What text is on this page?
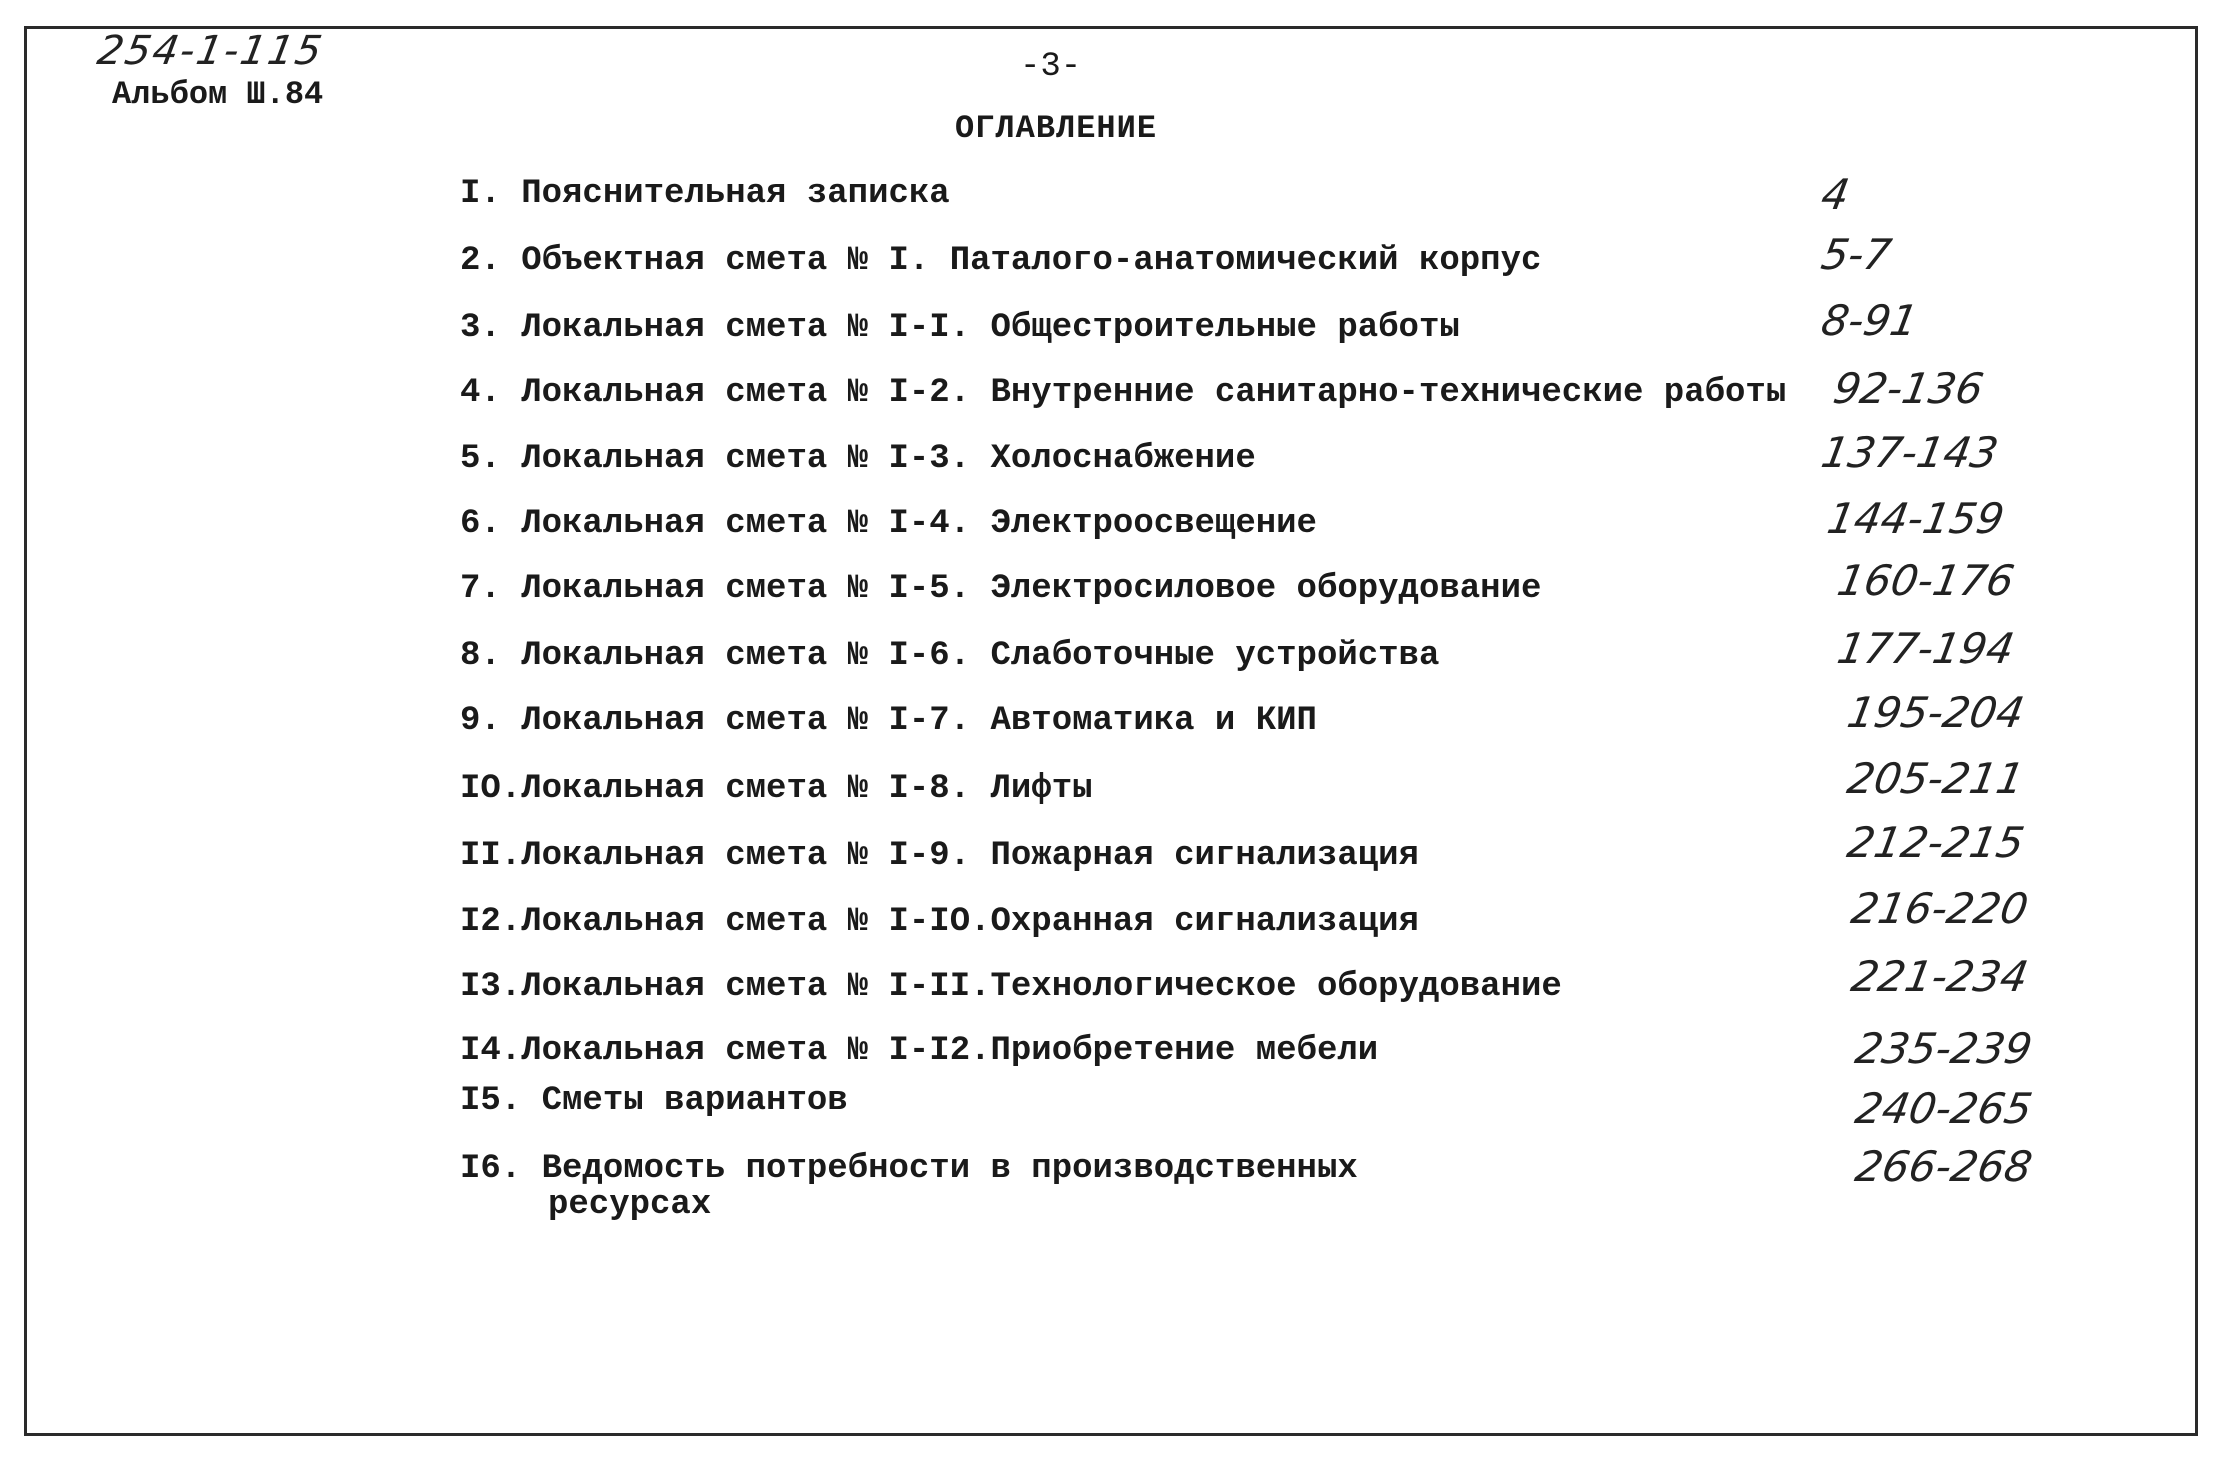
254-1-115
Альбом Ш.84
-3-
ОГЛАВЛЕНИЕ
I. Пояснительная записка
2. Объектная смета № I. Паталого-анатомический корпус
3. Локальная смета № I-I. Общестроительные работы
4. Локальная смета № I-2. Внутренние санитарно-технические работы
5. Локальная смета № I-3. Холоснабжение
6. Локальная смета № I-4. Электроосвещение
7. Локальная смета № I-5. Электросиловое оборудование
8. Локальная смета № I-6. Слаботочные устройства
9. Локальная смета № I-7. Автоматика и КИП
IO.Локальная смета № I-8. Лифты
II.Локальная смета № I-9. Пожарная сигнализация
I2.Локальная смета № I-IO.Охранная сигнализация
I3.Локальная смета № I-II.Технологическое оборудование
I4.Локальная смета № I-I2.Приобретение мебели
I5. Сметы вариантов
I6. Ведомость потребности в производственных
ресурсах
4
5-7
8-91
92-136
137-143
144-159
160-176
177-194
195-204
205-211
212-215
216-220
221-234
235-239
240-265
266-268
